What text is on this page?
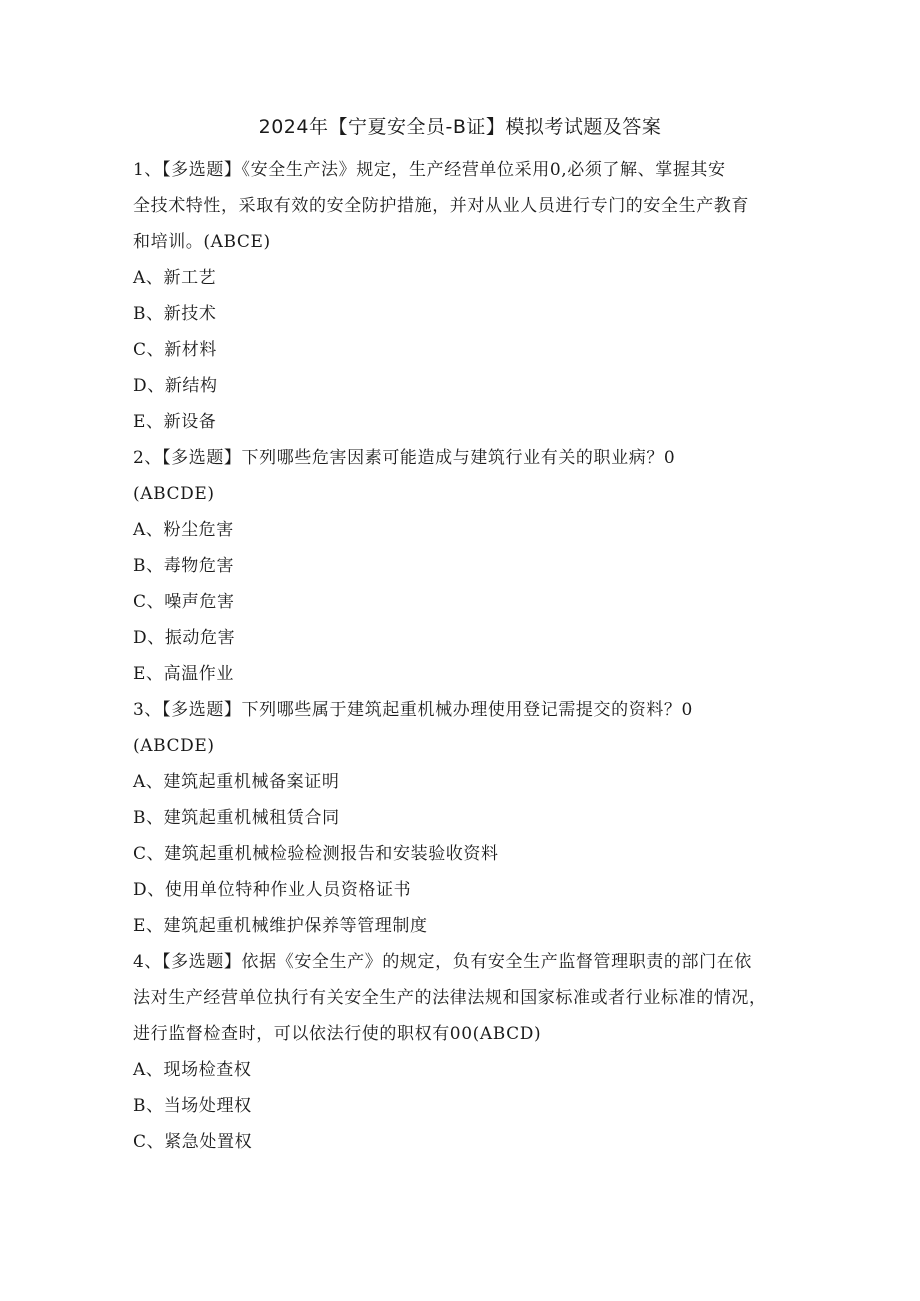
2024年【宁夏安全员-B证】模拟考试题及答案

1、【多选题】《安全生产法》规定，生产经营单位采用0,必须了解、掌握其安

全技术特性，采取有效的安全防护措施，并对从业人员进行专门的安全生产教育

和培训。(ABCE)

A、新工艺

B、新技术

C、新材料

D、新结构

E、新设备

2、【多选题】下列哪些危害因素可能造成与建筑行业有关的职业病？0

(ABCDE)

A、粉尘危害

B、毒物危害

C、噪声危害

D、振动危害

E、高温作业

3、【多选题】下列哪些属于建筑起重机械办理使用登记需提交的资料？0

(ABCDE)

A、建筑起重机械备案证明

B、建筑起重机械租赁合同

C、建筑起重机械检验检测报告和安装验收资料

D、使用单位特种作业人员资格证书

E、建筑起重机械维护保养等管理制度

4、【多选题】依据《安全生产》的规定，负有安全生产监督管理职责的部门在依

法对生产经营单位执行有关安全生产的法律法规和国家标准或者行业标准的情况，

进行监督检查时，可以依法行使的职权有00(ABCD)

A、现场检查权

B、当场处理权

C、紧急处置权
